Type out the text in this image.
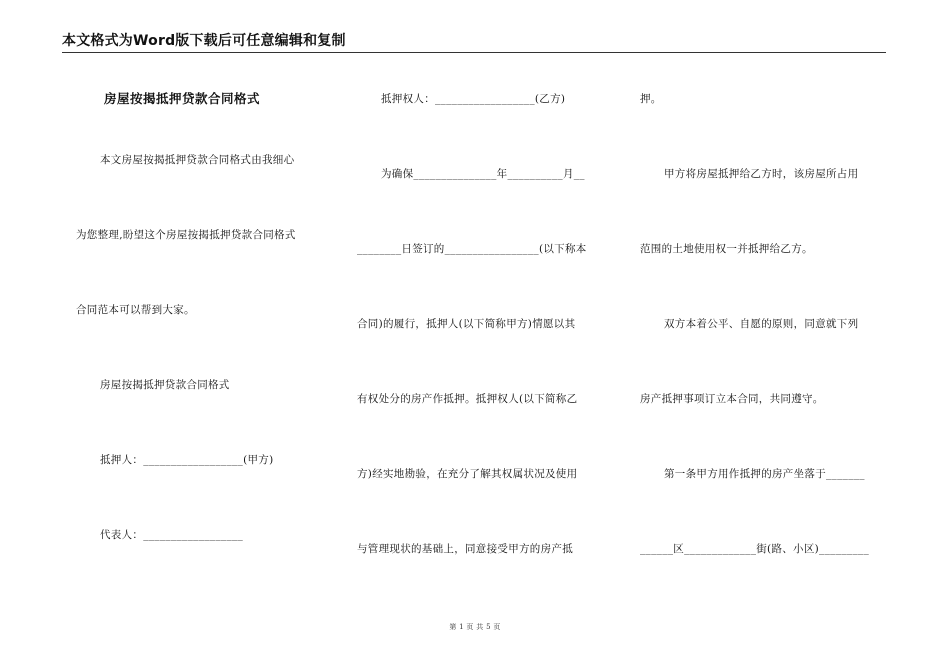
本文格式为Word版下载后可任意编辑和复制
房屋按揭抵押贷款合同格式
本文房屋按揭抵押贷款合同格式由我细心
为您整理,盼望这个房屋按揭抵押贷款合同格式
合同范本可以帮到大家。
房屋按揭抵押贷款合同格式
抵押人：__________________(甲方)
代表人：__________________
抵押权人：__________________(乙方)
为确保_______________年__________月__
________日签订的_________________(以下称本
合同)的履行，抵押人(以下简称甲方)情愿以其
有权处分的房产作抵押。抵押权人(以下简称乙
方)经实地勘验，在充分了解其权属状况及使用
与管理现状的基础上，同意接受甲方的房产抵
押。
甲方将房屋抵押给乙方时，该房屋所占用
范围的土地使用权一并抵押给乙方。
双方本着公平、自愿的原则，同意就下列
房产抵押事项订立本合同，共同遵守。
第一条甲方用作抵押的房产坐落于_______
______区_____________街(路、小区)_________
第 1 页 共 5 页
